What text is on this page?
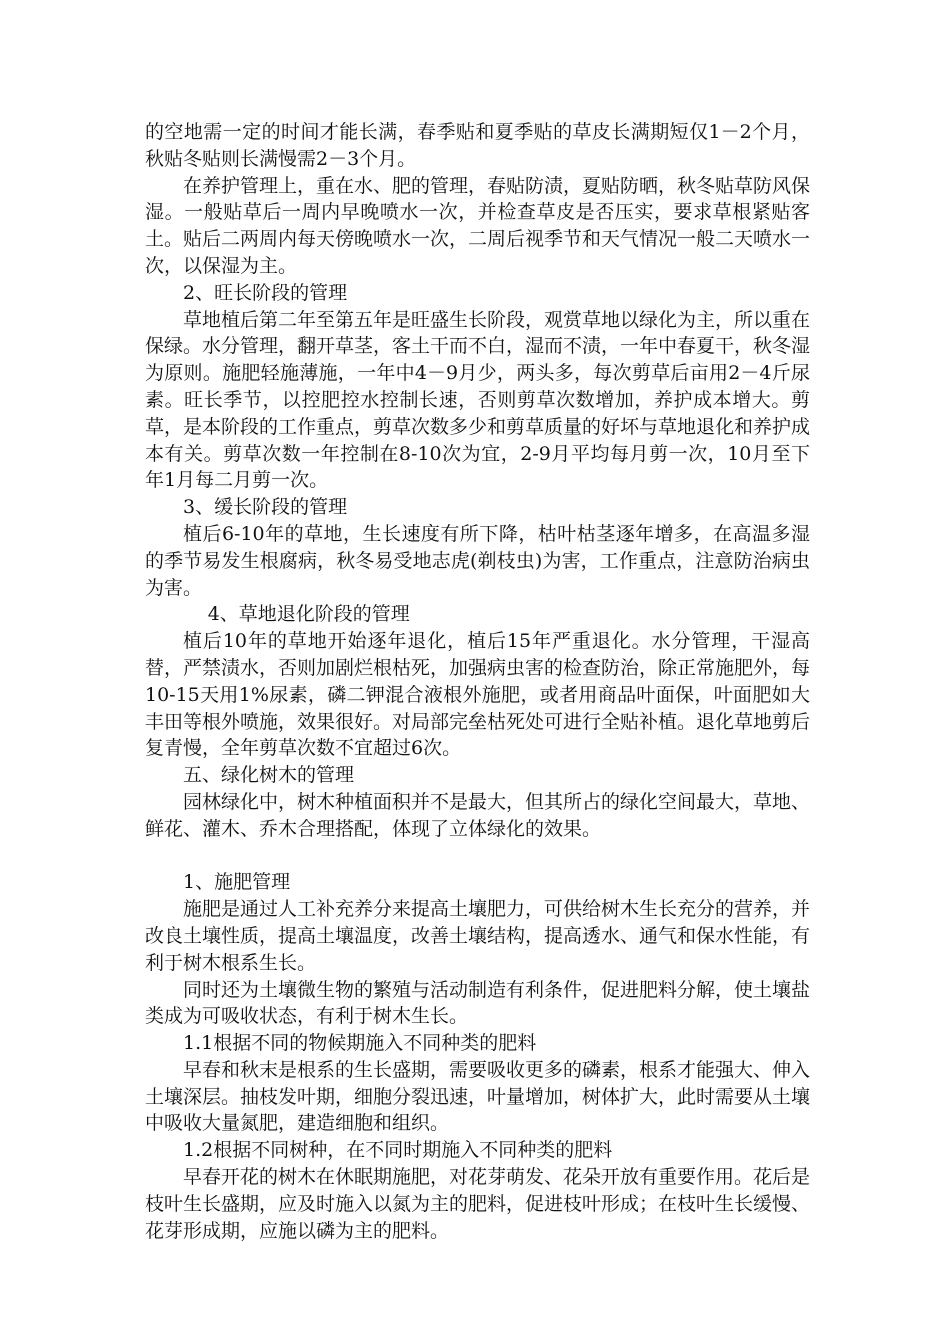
的空地需一定的时间才能长满，春季贴和夏季贴的草皮长满期短仅1－2个月，秋贴冬贴则长满慢需2－3个月。

在养护管理上，重在水、肥的管理，春贴防渍，夏贴防晒，秋冬贴草防风保湿。一般贴草后一周内早晚喷水一次，并检查草皮是否压实，要求草根紧贴客土。贴后二两周内每天傍晚喷水一次，二周后视季节和天气情况一般二天喷水一次，以保湿为主。

2、旺长阶段的管理

草地植后第二年至第五年是旺盛生长阶段，观赏草地以绿化为主，所以重在保绿。水分管理，翻开草茎，客土干而不白，湿而不渍，一年中春夏干，秋冬湿为原则。施肥轻施薄施，一年中4－9月少，两头多，每次剪草后亩用2－4斤尿素。旺长季节，以控肥控水控制长速，否则剪草次数增加，养护成本增大。剪草，是本阶段的工作重点，剪草次数多少和剪草质量的好坏与草地退化和养护成本有关。剪草次数一年控制在8-10次为宜，2-9月平均每月剪一次，10月至下年1月每二月剪一次。

3、缓长阶段的管理

植后6-10年的草地，生长速度有所下降，枯叶枯茎逐年增多，在高温多湿的季节易发生根腐病，秋冬易受地志虎(剃枝虫)为害，工作重点，注意防治病虫为害。

4、草地退化阶段的管理

植后10年的草地开始逐年退化，植后15年严重退化。水分管理，干湿高替，严禁渍水，否则加剧烂根枯死，加强病虫害的检查防治，除正常施肥外，每10-15天用1%尿素，磷二钾混合液根外施肥，或者用商品叶面保，叶面肥如大丰田等根外喷施，效果很好。对局部完垒枯死处可进行全贴补植。退化草地剪后复青慢，全年剪草次数不宜超过6次。

五、绿化树木的管理

园林绿化中，树木种植面积并不是最大，但其所占的绿化空间最大，草地、鲜花、灌木、乔木合理搭配，体现了立体绿化的效果。

1、施肥管理

施肥是通过人工补充养分来提高土壤肥力，可供给树木生长充分的营养，并改良土壤性质，提高土壤温度，改善土壤结构，提高透水、通气和保水性能，有利于树木根系生长。

同时还为土壤微生物的繁殖与活动制造有利条件，促进肥料分解，使土壤盐类成为可吸收状态，有利于树木生长。

1.1根据不同的物候期施入不同种类的肥料

早春和秋末是根系的生长盛期，需要吸收更多的磷素，根系才能强大、伸入土壤深层。抽枝发叶期，细胞分裂迅速，叶量增加，树体扩大，此时需要从土壤中吸收大量氮肥，建造细胞和组织。

1.2根据不同树种，在不同时期施入不同种类的肥料

早春开花的树木在休眠期施肥，对花芽萌发、花朵开放有重要作用。花后是枝叶生长盛期，应及时施入以氮为主的肥料，促进枝叶形成；在枝叶生长缓慢、花芽形成期，应施以磷为主的肥料。
